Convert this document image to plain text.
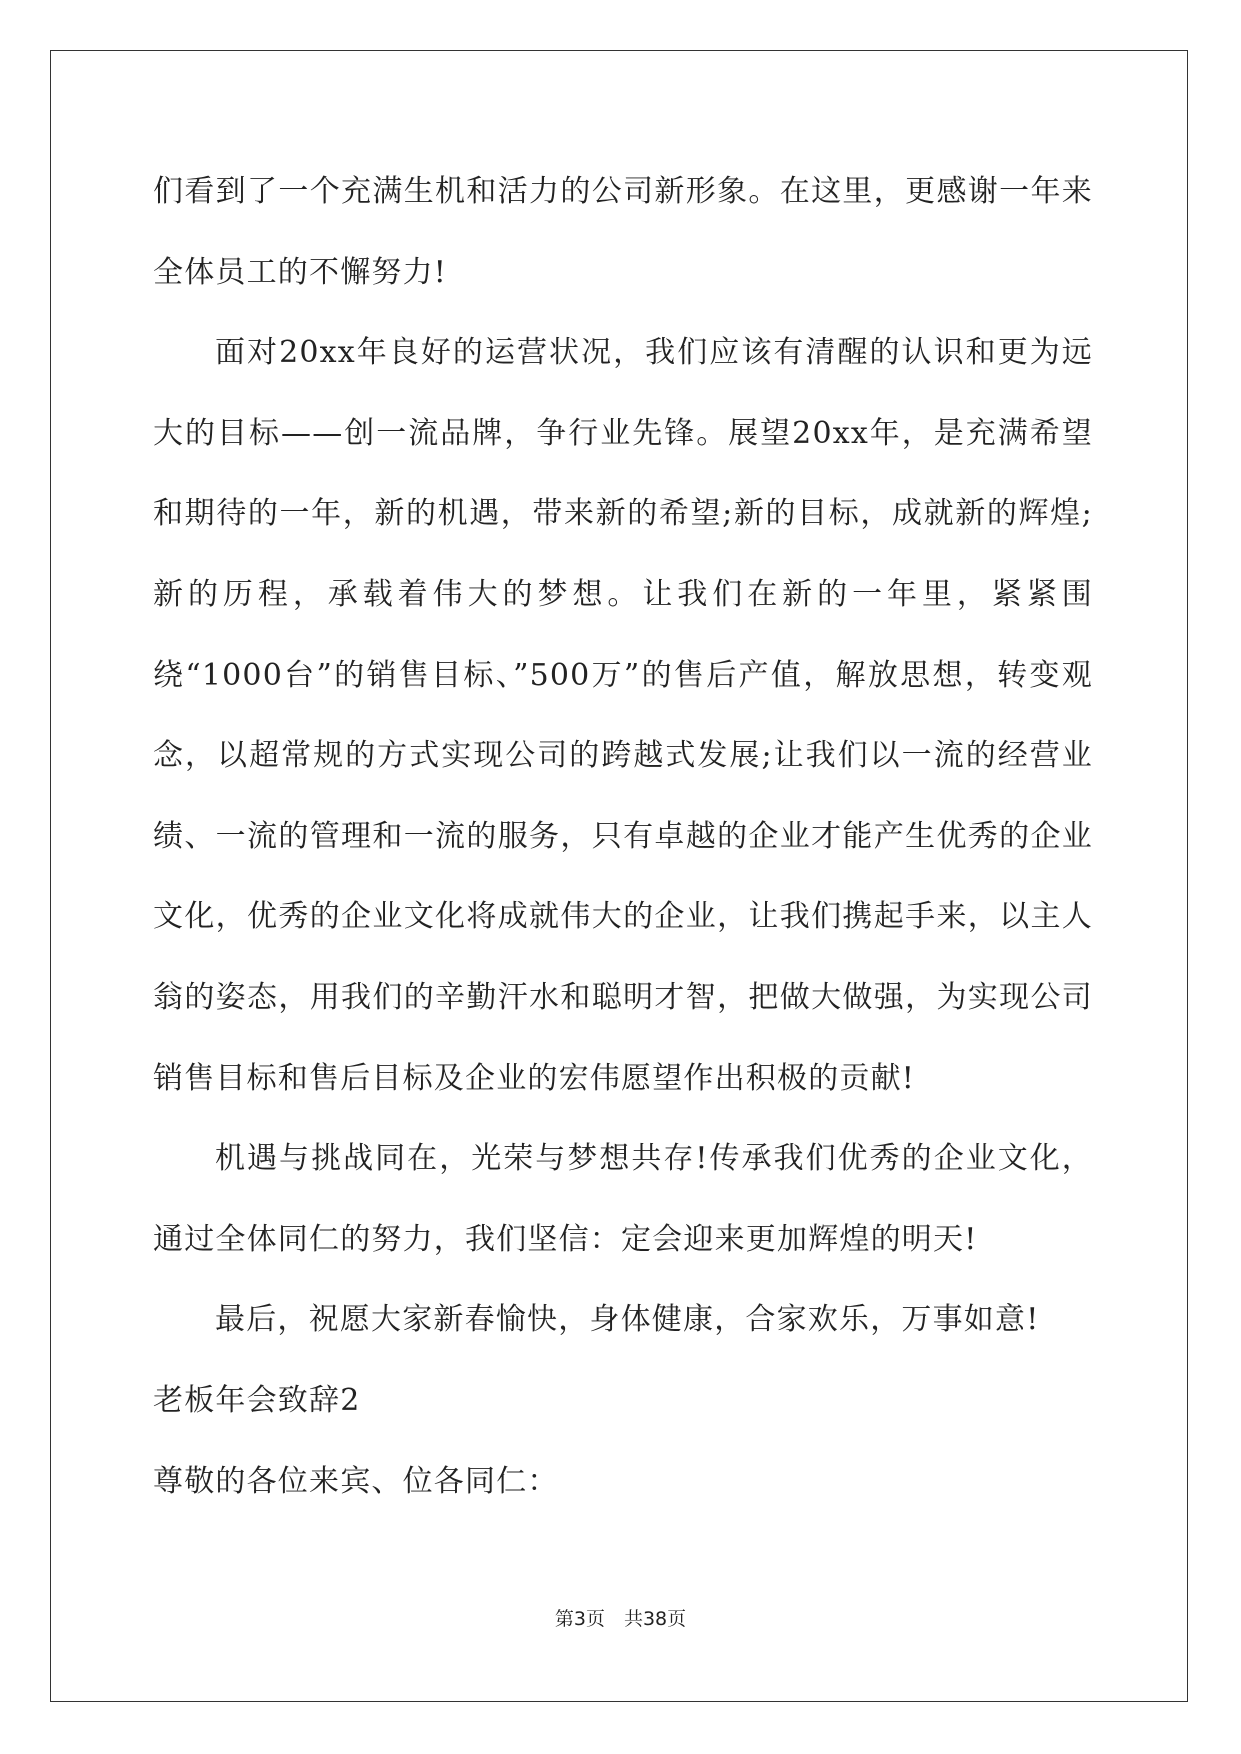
们看到了一个充满生机和活力的公司新形象。在这里，更感谢一年来全体员工的不懈努力!

面对20xx年良好的运营状况，我们应该有清醒的认识和更为远大的目标——创一流品牌，争行业先锋。展望20xx年，是充满希望和期待的一年，新的机遇，带来新的希望;新的目标，成就新的辉煌;新的历程，承载着伟大的梦想。让我们在新的一年里，紧紧围绕“1000台”的销售目标、”500万”的售后产值，解放思想，转变观念，以超常规的方式实现公司的跨越式发展;让我们以一流的经营业绩、一流的管理和一流的服务，只有卓越的企业才能产生优秀的企业文化，优秀的企业文化将成就伟大的企业，让我们携起手来，以主人翁的姿态，用我们的辛勤汗水和聪明才智，把做大做强，为实现公司销售目标和售后目标及企业的宏伟愿望作出积极的贡献!

机遇与挑战同在，光荣与梦想共存!传承我们优秀的企业文化，通过全体同仁的努力，我们坚信：定会迎来更加辉煌的明天!

最后，祝愿大家新春愉快，身体健康，合家欢乐，万事如意!

老板年会致辞2

尊敬的各位来宾、位各同仁：

第3页　共38页
